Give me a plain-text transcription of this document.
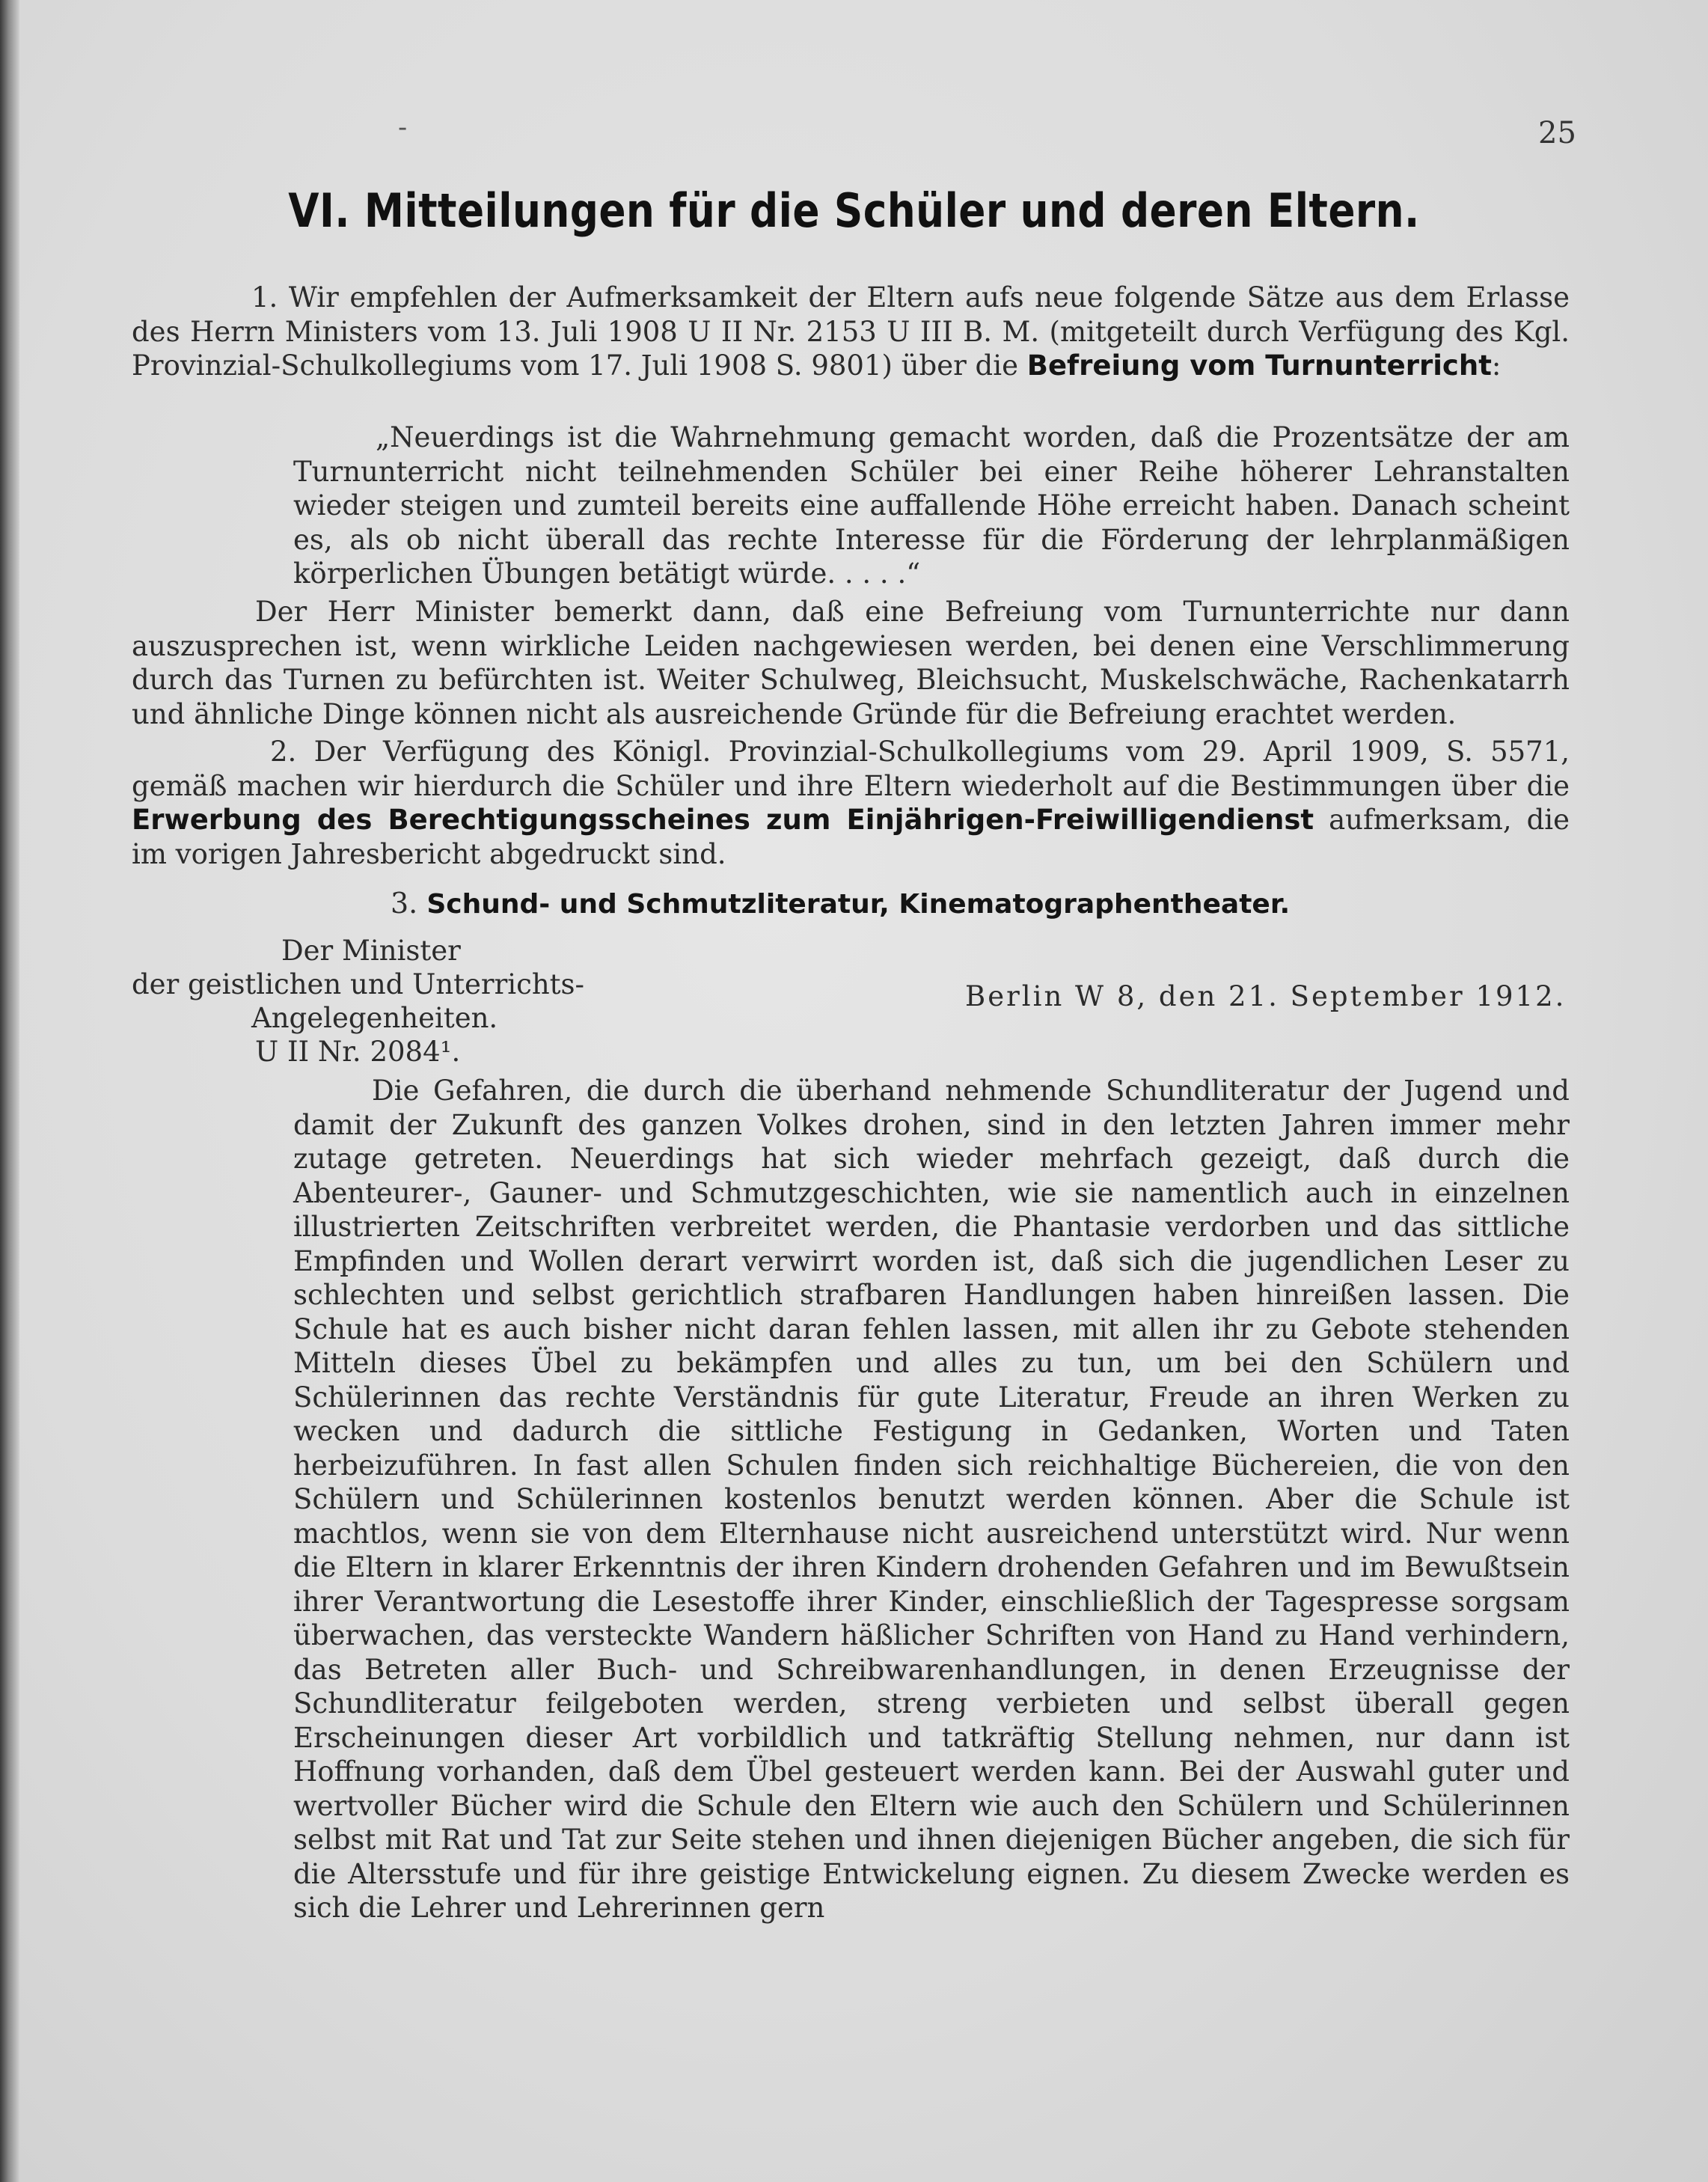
-	25
VI. Mitteilungen für die Schüler und deren Eltern.
1. Wir empfehlen der Aufmerksamkeit der Eltern aufs neue folgende Sätze aus dem Erlasse des Herrn Ministers vom 13. Juli 1908 U II Nr. 2153 U III B. M. (mitgeteilt durch Verfügung des Kgl. Provinzial-Schulkollegiums vom 17. Juli 1908 S. 9801) über die Befreiung vom Turnunterricht:
„Neuerdings ist die Wahrnehmung gemacht worden, daß die Prozentsätze der am Turnunterricht nicht teilnehmenden Schüler bei einer Reihe höherer Lehranstalten wieder steigen und zumteil bereits eine auffallende Höhe erreicht haben. Danach scheint es, als ob nicht überall das rechte Interesse für die Förderung der lehrplanmäßigen körperlichen Übungen betätigt würde. . . . .“
Der Herr Minister bemerkt dann, daß eine Befreiung vom Turnunterrichte nur dann auszusprechen ist, wenn wirkliche Leiden nachgewiesen werden, bei denen eine Verschlimmerung durch das Turnen zu befürchten ist. Weiter Schulweg, Bleichsucht, Muskelschwäche, Rachenkatarrh und ähnliche Dinge können nicht als ausreichende Gründe für die Befreiung erachtet werden.
2. Der Verfügung des Königl. Provinzial-Schulkollegiums vom 29. April 1909, S. 5571, gemäß machen wir hierdurch die Schüler und ihre Eltern wiederholt auf die Bestimmungen über die Erwerbung des Berechtigungsscheines zum Einjährigen-Freiwilligendienst aufmerksam, die im vorigen Jahresbericht abgedruckt sind.
3. Schund- und Schmutzliteratur, Kinematographentheater.
Der Minister
der geistlichen und Unterrichts-
Angelegenheiten.
U II Nr. 2084¹.
Berlin W 8, den 21. September 1912.
Die Gefahren, die durch die überhand nehmende Schundliteratur der Jugend und damit der Zukunft des ganzen Volkes drohen, sind in den letzten Jahren immer mehr zutage getreten. Neuerdings hat sich wieder mehrfach gezeigt, daß durch die Abenteurer-, Gauner- und Schmutzgeschichten, wie sie namentlich auch in einzelnen illustrierten Zeitschriften verbreitet werden, die Phantasie verdorben und das sittliche Empfinden und Wollen derart verwirrt worden ist, daß sich die jugendlichen Leser zu schlechten und selbst gerichtlich strafbaren Handlungen haben hinreißen lassen. Die Schule hat es auch bisher nicht daran fehlen lassen, mit allen ihr zu Gebote stehenden Mitteln dieses Übel zu bekämpfen und alles zu tun, um bei den Schülern und Schülerinnen das rechte Verständnis für gute Literatur, Freude an ihren Werken zu wecken und dadurch die sittliche Festigung in Gedanken, Worten und Taten herbeizuführen. In fast allen Schulen finden sich reichhaltige Büchereien, die von den Schülern und Schülerinnen kostenlos benutzt werden können. Aber die Schule ist machtlos, wenn sie von dem Elternhause nicht ausreichend unterstützt wird. Nur wenn die Eltern in klarer Erkenntnis der ihren Kindern drohenden Gefahren und im Bewußtsein ihrer Verantwortung die Lesestoffe ihrer Kinder, einschließlich der Tagespresse sorgsam überwachen, das versteckte Wandern häßlicher Schriften von Hand zu Hand verhindern, das Betreten aller Buch- und Schreibwarenhandlungen, in denen Erzeugnisse der Schundliteratur feilgeboten werden, streng verbieten und selbst überall gegen Erscheinungen dieser Art vorbildlich und tatkräftig Stellung nehmen, nur dann ist Hoffnung vorhanden, daß dem Übel gesteuert werden kann. Bei der Auswahl guter und wertvoller Bücher wird die Schule den Eltern wie auch den Schülern und Schülerinnen selbst mit Rat und Tat zur Seite stehen und ihnen diejenigen Bücher angeben, die sich für die Altersstufe und für ihre geistige Entwickelung eignen. Zu diesem Zwecke werden es sich die Lehrer und Lehrerinnen gern
